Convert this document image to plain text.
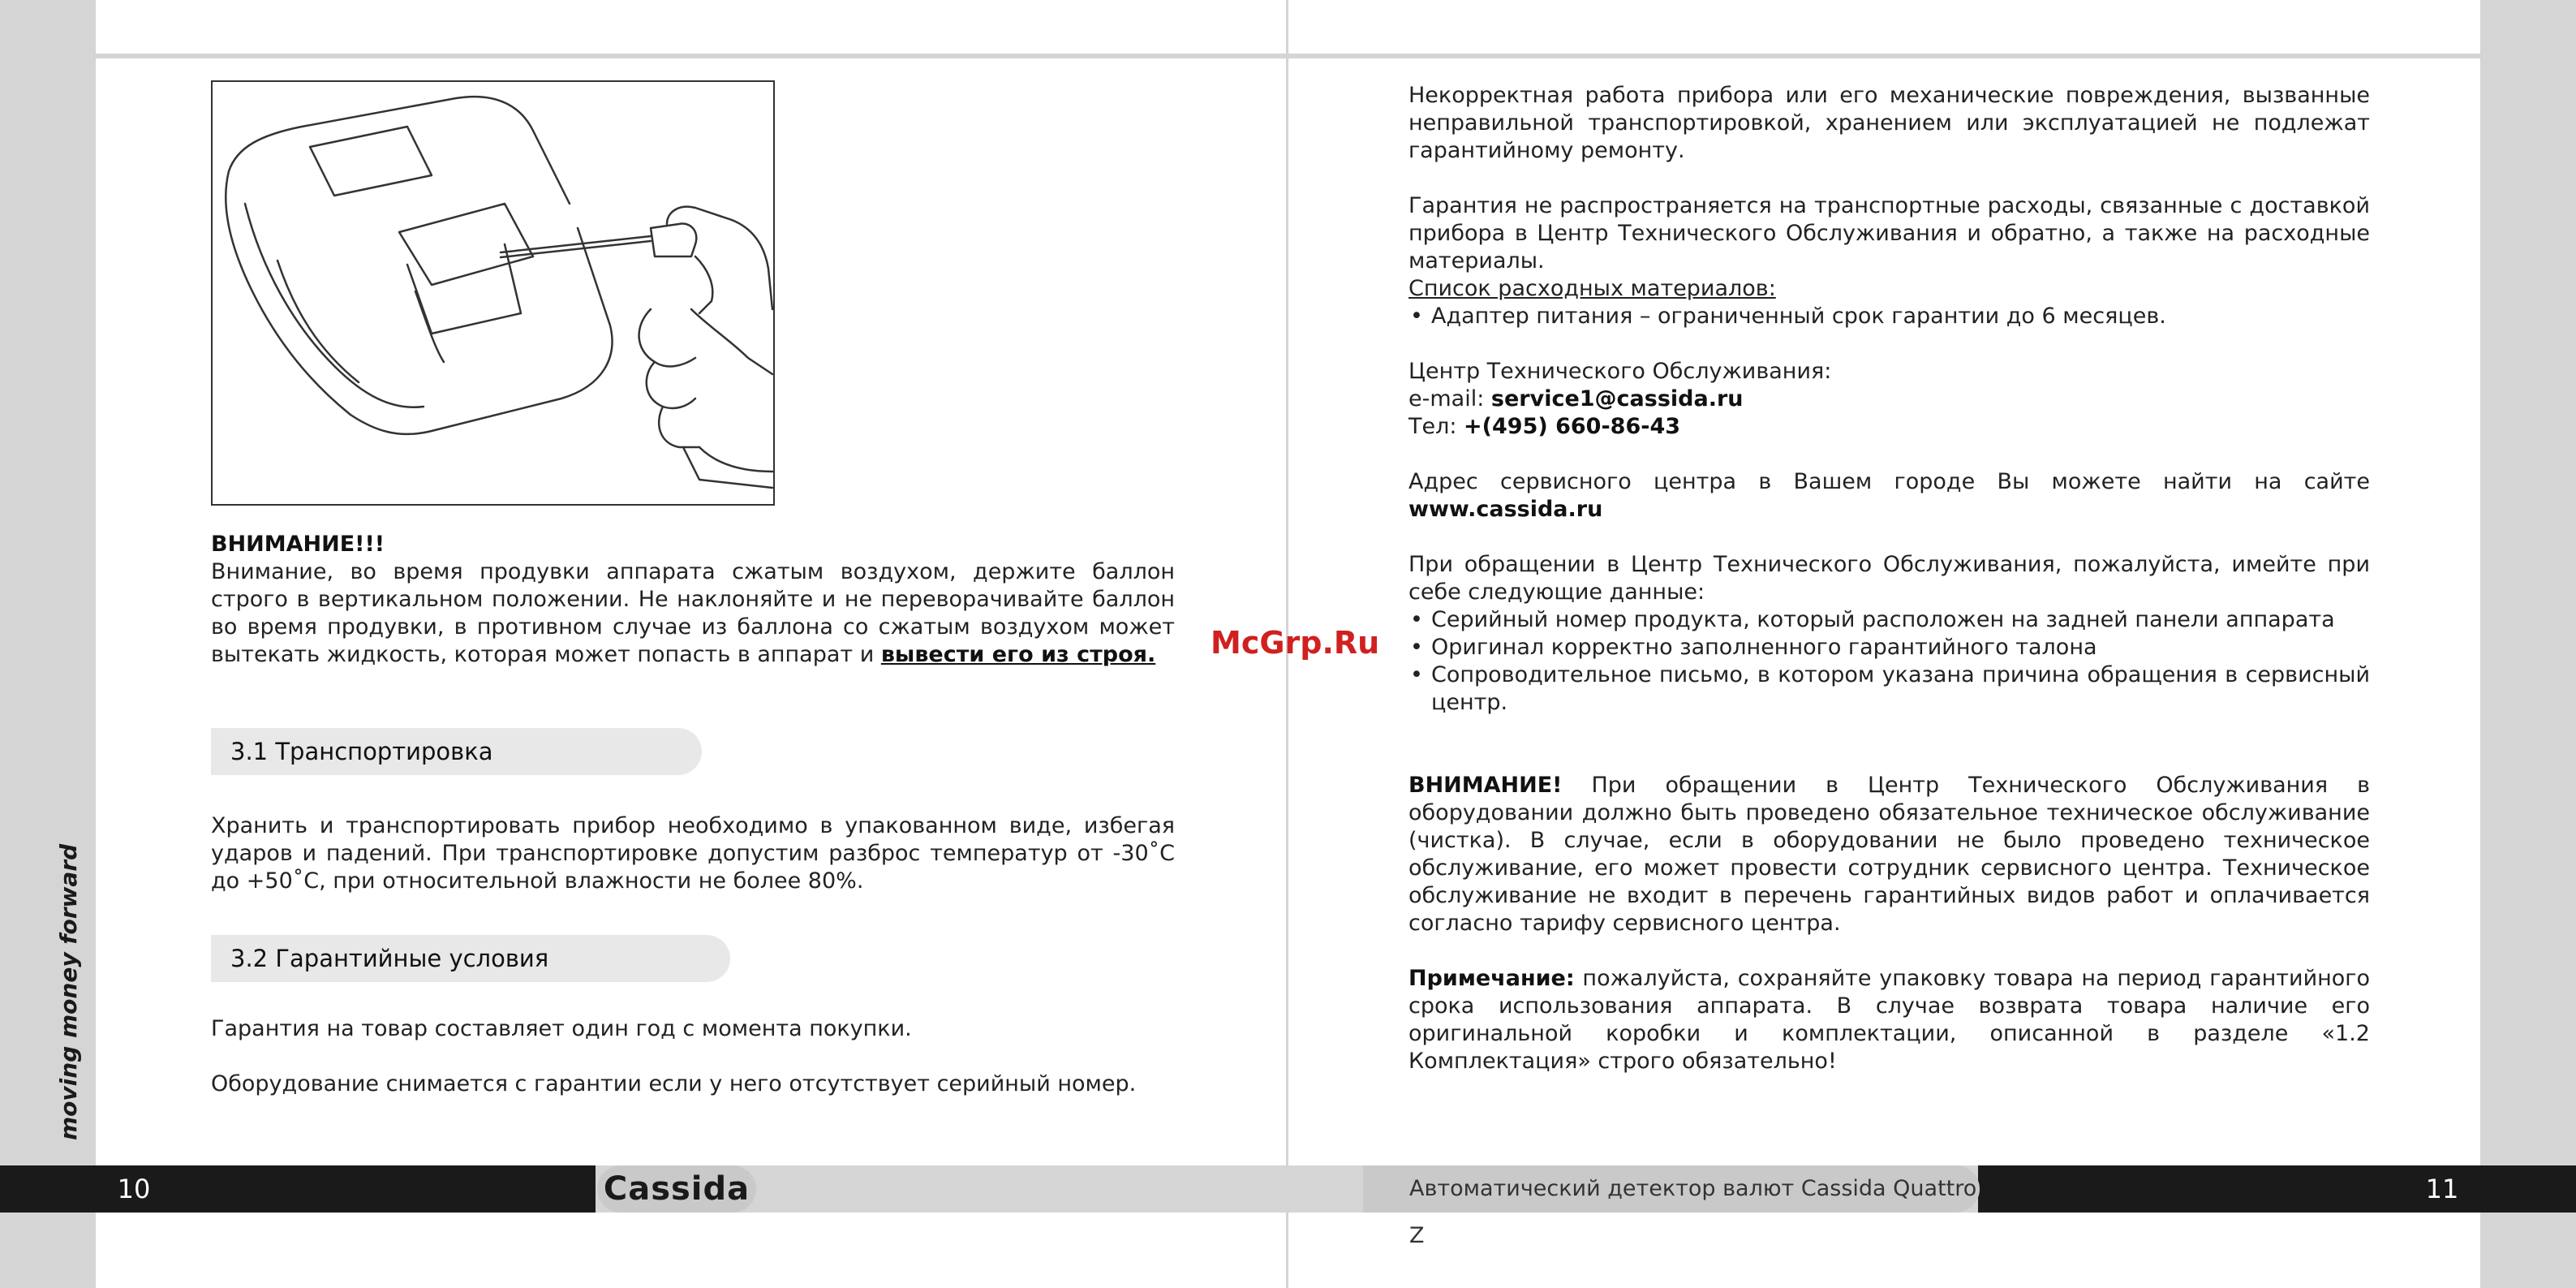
moving money forward
10	11
Cassida	Автоматический детектор валют Cassida Quattro Z
ВНИМАНИЕ!!!
Внимание, во время продувки аппарата сжатым воздухом, держите баллон строго в вертикальном положении. Не наклоняйте и не переворачивайте баллон во время продувки, в противном случае из баллона со сжатым воздухом может вытекать жидкость, которая может попасть в аппарат и вывести его из строя.
3.1 Транспортировка
Хранить и транспортировать прибор необходимо в упакованном виде, избегая ударов и падений. При транспортировке допустим разброс температур от -30˚С до +50˚С, при относительной влажности не более 80%.
3.2 Гарантийные условия
Гарантия на товар составляет один год с момента покупки.
Оборудование снимается с гарантии если у него отсутствует серийный номер.
McGrp.Ru
Некорректная работа прибора или его механические повреждения, вызванные неправильной транспортировкой, хранением или эксплуатацией не подлежат гарантийному ремонту.
Гарантия не распространяется на транспортные расходы, связанные с доставкой прибора в Центр Технического Обслуживания и обратно, а также на расходные материалы.
Список расходных материалов:
• Адаптер питания – ограниченный срок гарантии до 6 месяцев.
Центр Технического Обслуживания:
e-mail: service1@cassida.ru
Тел: +(495) 660-86-43
Адрес сервисного центра в Вашем городе Вы можете найти на сайте www.cassida.ru
При обращении в Центр Технического Обслуживания, пожалуйста, имейте при себе следующие данные:
• Серийный номер продукта, который расположен на задней панели аппарата
• Оригинал корректно заполненного гарантийного талона
• Сопроводительное письмо, в котором указана причина обращения в сервисный центр.
ВНИМАНИЕ! При обращении в Центр Технического Обслуживания в оборудовании должно быть проведено обязательное техническое обслуживание (чистка). В случае, если в оборудовании не было проведено техническое обслуживание, его может провести сотрудник сервисного центра. Техническое обслуживание не входит в перечень гарантийных видов работ и оплачивается согласно тарифу сервисного центра.
Примечание: пожалуйста, сохраняйте упаковку товара на период гарантийного срока использования аппарата. В случае возврата товара наличие его оригинальной коробки и комплектации, описанной в разделе «1.2 Комплектация» строго обязательно!
